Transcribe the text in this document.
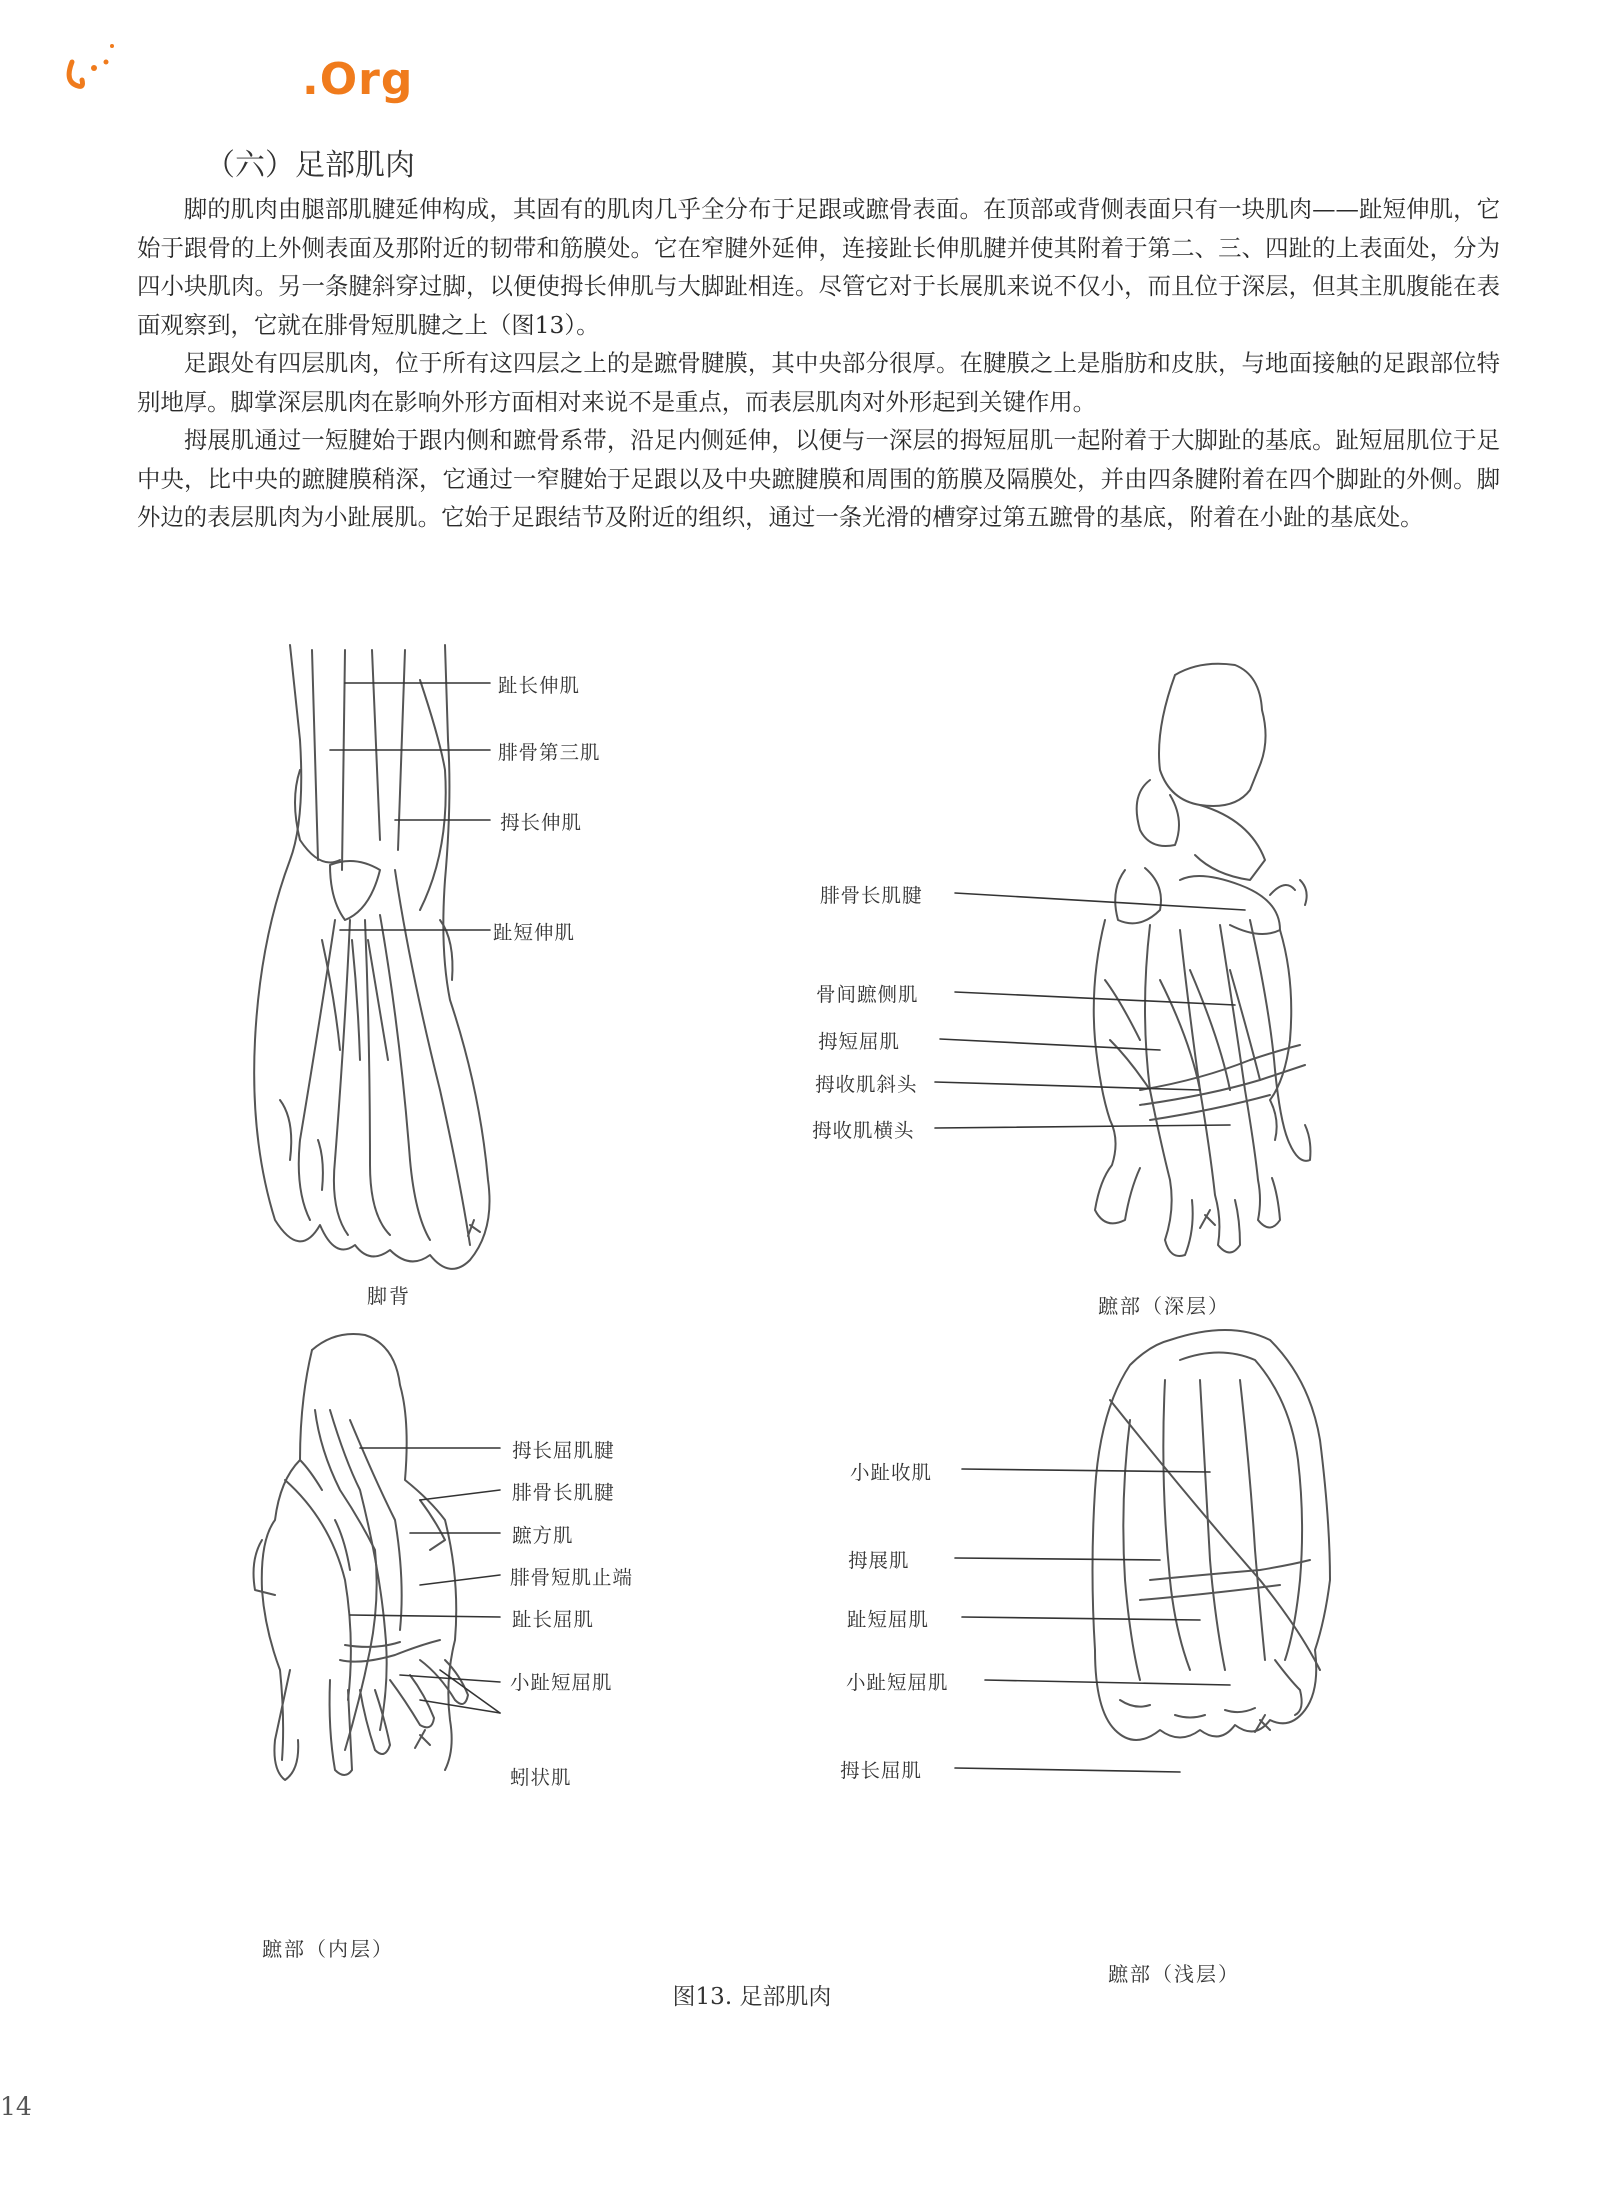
.Org
（六）足部肌肉

脚的肌肉由腿部肌腱延伸构成，其固有的肌肉几乎全分布于足跟或蹠骨表面。在顶部或背侧表面只有一块肌肉——趾短伸肌，它始于跟骨的上外侧表面及那附近的韧带和筋膜处。它在窄腱外延伸，连接趾长伸肌腱并使其附着于第二、三、四趾的上表面处，分为四小块肌肉。另一条腱斜穿过脚，以便使拇长伸肌与大脚趾相连。尽管它对于长展肌来说不仅小，而且位于深层，但其主肌腹能在表面观察到，它就在腓骨短肌腱之上（图13）。

足跟处有四层肌肉，位于所有这四层之上的是蹠骨腱膜，其中央部分很厚。在腱膜之上是脂肪和皮肤，与地面接触的足跟部位特别地厚。脚掌深层肌肉在影响外形方面相对来说不是重点，而表层肌肉对外形起到关键作用。

拇展肌通过一短腱始于跟内侧和蹠骨系带，沿足内侧延伸，以便与一深层的拇短屈肌一起附着于大脚趾的基底。趾短屈肌位于足中央，比中央的蹠腱膜稍深，它通过一窄腱始于足跟以及中央蹠腱膜和周围的筋膜及隔膜处，并由四条腱附着在四个脚趾的外侧。脚外边的表层肌肉为小趾展肌。它始于足跟结节及附近的组织，通过一条光滑的槽穿过第五蹠骨的基底，附着在小趾的基底处。

趾长伸肌
腓骨第三肌
拇长伸肌
趾短伸肌
脚背
腓骨长肌腱
骨间蹠侧肌
拇短屈肌
拇收肌斜头
拇收肌横头
蹠部（深层）
拇长屈肌腱
腓骨长肌腱
蹠方肌
腓骨短肌止端
趾长屈肌
小趾短屈肌
蚓状肌
蹠部（内层）
小趾收肌
拇展肌
趾短屈肌
小趾短屈肌
拇长屈肌
蹠部（浅层）
图13. 足部肌肉
14
